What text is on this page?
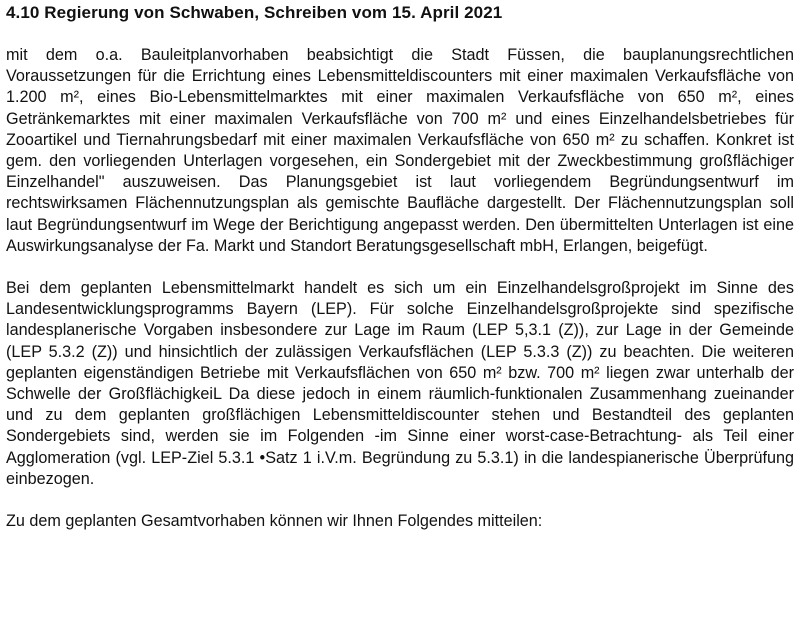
4.10 Regierung von Schwaben, Schreiben vom 15. April 2021

mit dem o.a. Bauleitplanvorhaben beabsichtigt die Stadt Füssen, die bauplanungsrechtlichen Voraussetzungen für die Errichtung eines Lebensmitteldiscounters mit einer maximalen Verkaufsfläche von 1.200 m², eines Bio-Lebensmittelmarktes mit einer maximalen Verkaufsfläche von 650 m², eines Getränkemarktes mit einer maximalen Verkaufsfläche von 700 m² und eines Einzelhandelsbetriebes für Zooartikel und Tiernahrungsbedarf mit einer maximalen Verkaufsfläche von 650 m² zu schaffen. Konkret ist gem. den vorliegenden Unterlagen vorgesehen, ein Sondergebiet mit der Zweckbestimmung großflächiger Einzelhandel" auszuweisen. Das Planungsgebiet ist laut vorliegendem Begründungsentwurf im rechtswirksamen Flächennutzungsplan als gemischte Baufläche dargestellt. Der Flächennutzungsplan soll laut Begründungsentwurf im Wege der Berichtigung angepasst werden. Den übermittelten Unterlagen ist eine Auswirkungsanalyse der Fa. Markt und Standort Beratungsgesellschaft mbH, Erlangen, beigefügt.

Bei dem geplanten Lebensmittelmarkt handelt es sich um ein Einzelhandelsgroßprojekt im Sinne des Landesentwicklungsprogramms Bayern (LEP). Für solche Einzelhandelsgroßprojekte sind spezifische landesplanerische Vorgaben insbesondere zur Lage im Raum (LEP 5,3.1 (Z)), zur Lage in der Gemeinde (LEP 5.3.2 (Z)) und hinsichtlich der zulässigen Verkaufsflächen (LEP 5.3.3 (Z)) zu beachten. Die weiteren geplanten eigenständigen Betriebe mit Verkaufsflächen von 650 m² bzw. 700 m² liegen zwar unterhalb der Schwelle der GroßflächigkeiL Da diese jedoch in einem räumlich-funktionalen Zusammenhang zueinander und zu dem geplanten großflächigen Lebensmitteldiscounter stehen und Bestandteil des geplanten Sondergebiets sind, werden sie im Folgenden -im Sinne einer worst-case-Betrachtung- als Teil einer Agglomeration (vgl. LEP-Ziel 5.3.1 •Satz 1 i.V.m. Begründung zu 5.3.1) in die landespianerische Überprüfung einbezogen.

Zu dem geplanten Gesamtvorhaben können wir Ihnen Folgendes mitteilen:
